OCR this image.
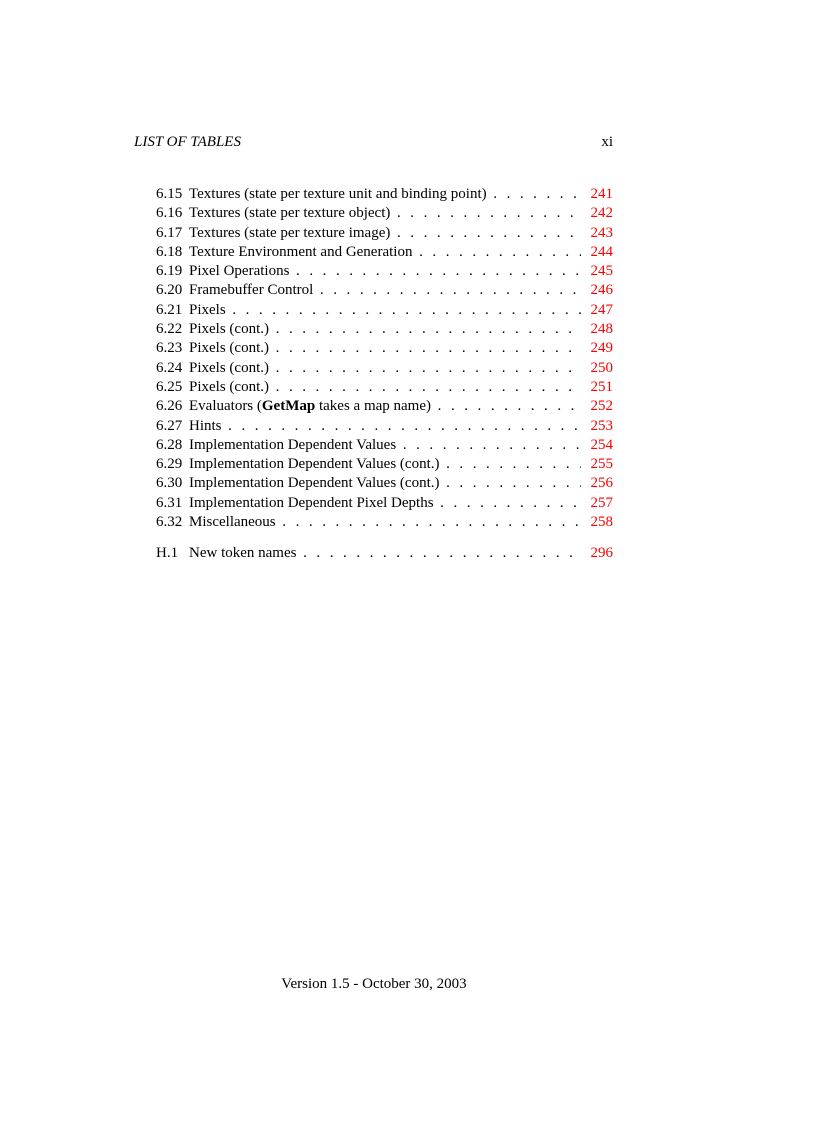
LIST OF TABLES	xi
6.15 Textures (state per texture unit and binding point) . . .	241
6.16 Textures (state per texture object) . . .	242
6.17 Textures (state per texture image) . . .	243
6.18 Texture Environment and Generation . . .	244
6.19 Pixel Operations . . .	245
6.20 Framebuffer Control . . .	246
6.21 Pixels . . .	247
6.22 Pixels (cont.) . . .	248
6.23 Pixels (cont.) . . .	249
6.24 Pixels (cont.) . . .	250
6.25 Pixels (cont.) . . .	251
6.26 Evaluators (GetMap takes a map name) . . .	252
6.27 Hints . . .	253
6.28 Implementation Dependent Values . . .	254
6.29 Implementation Dependent Values (cont.) . . .	255
6.30 Implementation Dependent Values (cont.) . . .	256
6.31 Implementation Dependent Pixel Depths . . .	257
6.32 Miscellaneous . . .	258
H.1 New token names . . .	296
Version 1.5 - October 30, 2003
